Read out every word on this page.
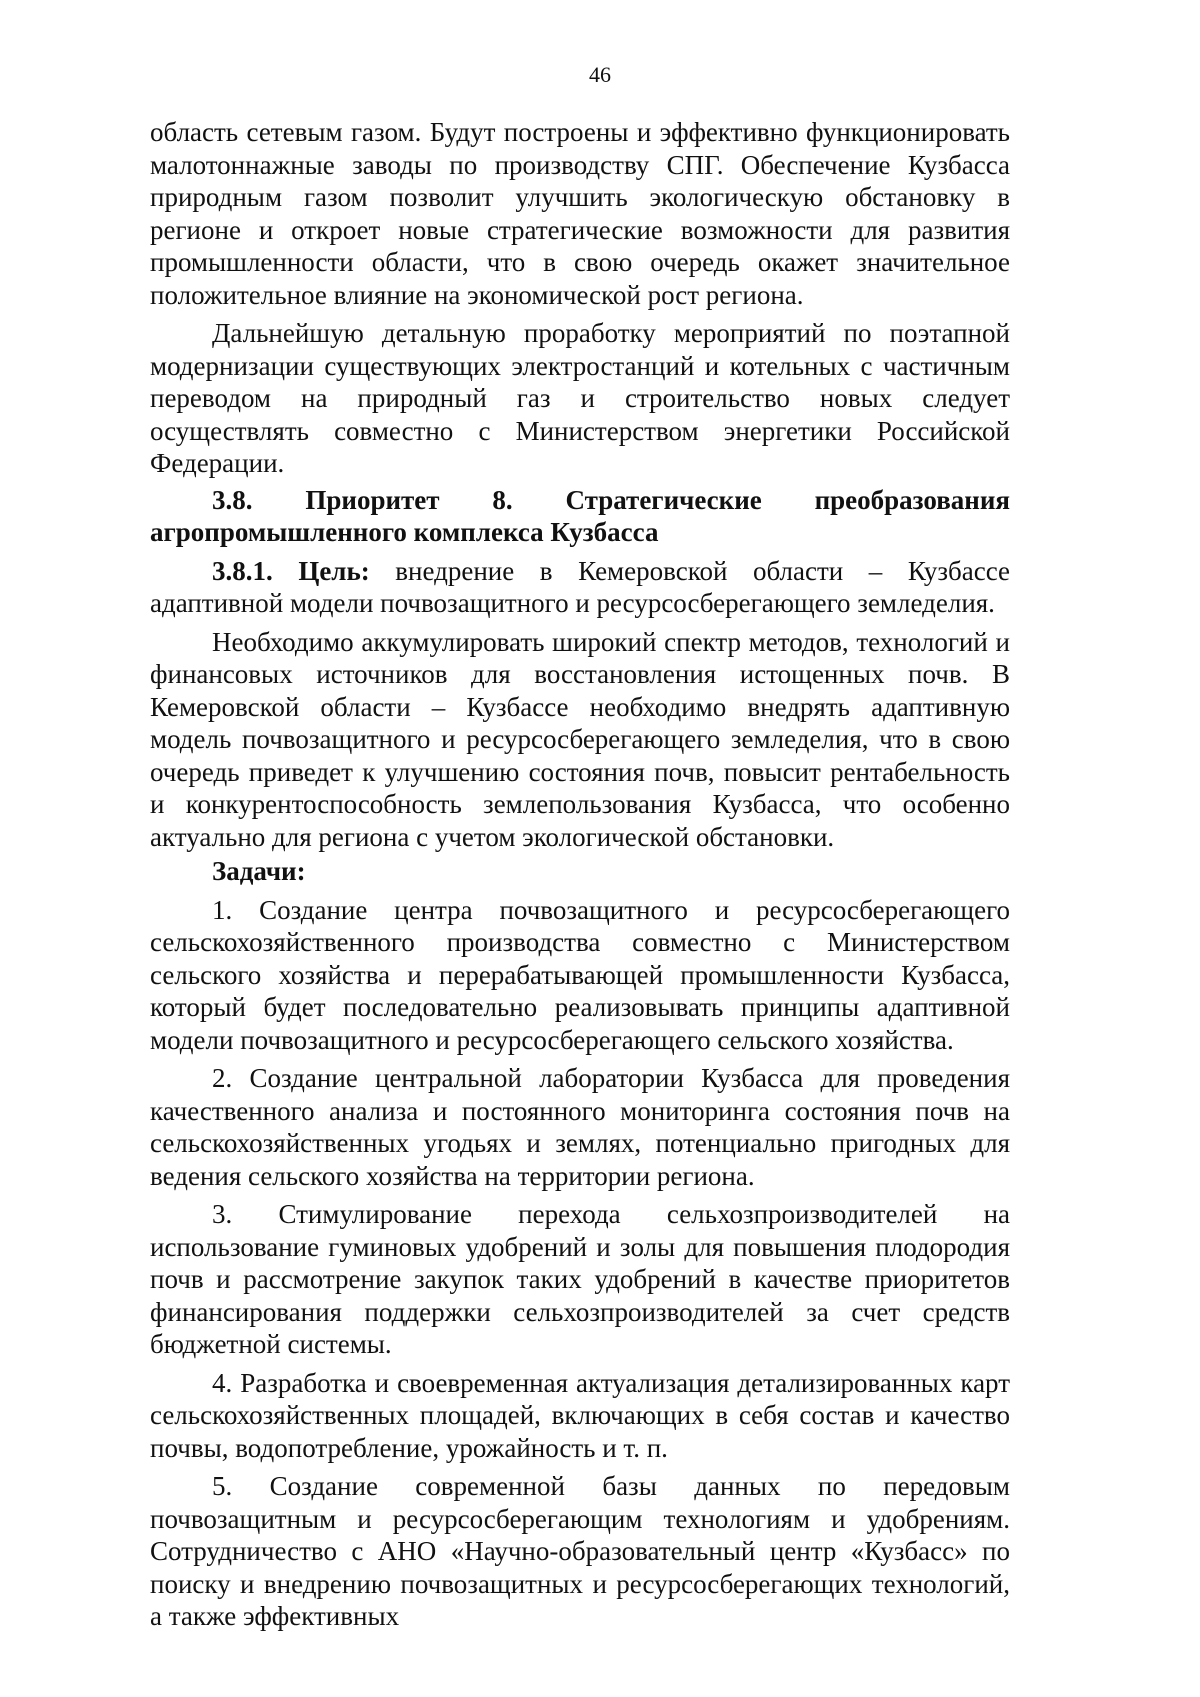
46

область сетевым газом. Будут построены и эффективно функционировать малотоннажные заводы по производству СПГ. Обеспечение Кузбасса природным газом позволит улучшить экологическую обстановку в регионе и откроет новые стратегические возможности для развития промышленности области, что в свою очередь окажет значительное положительное влияние на экономической рост региона.

Дальнейшую детальную проработку мероприятий по поэтапной модернизации существующих электростанций и котельных с частичным переводом на природный газ и строительство новых следует осуществлять совместно с Министерством энергетики Российской Федерации.

3.8. Приоритет 8. Стратегические преобразования агропромышленного комплекса Кузбасса

3.8.1. Цель: внедрение в Кемеровской области – Кузбассе адаптивной модели почвозащитного и ресурсосберегающего земледелия.

Необходимо аккумулировать широкий спектр методов, технологий и финансовых источников для восстановления истощенных почв. В Кемеровской области – Кузбассе необходимо внедрять адаптивную модель почвозащитного и ресурсосберегающего земледелия, что в свою очередь приведет к улучшению состояния почв, повысит рентабельность и конкурентоспособность землепользования Кузбасса, что особенно актуально для региона с учетом экологической обстановки.

Задачи:

1. Создание центра почвозащитного и ресурсосберегающего сельскохозяйственного производства совместно с Министерством сельского хозяйства и перерабатывающей промышленности Кузбасса, который будет последовательно реализовывать принципы адаптивной модели почвозащитного и ресурсосберегающего сельского хозяйства.

2. Создание центральной лаборатории Кузбасса для проведения качественного анализа и постоянного мониторинга состояния почв на сельскохозяйственных угодьях и землях, потенциально пригодных для ведения сельского хозяйства на территории региона.

3. Стимулирование перехода сельхозпроизводителей на использование гуминовых удобрений и золы для повышения плодородия почв и рассмотрение закупок таких удобрений в качестве приоритетов финансирования поддержки сельхозпроизводителей за счет средств бюджетной системы.

4. Разработка и своевременная актуализация детализированных карт сельскохозяйственных площадей, включающих в себя состав и качество почвы, водопотребление, урожайность и т. п.

5. Создание современной базы данных по передовым почвозащитным и ресурсосберегающим технологиям и удобрениям. Сотрудничество с АНО «Научно-образовательный центр «Кузбасс» по поиску и внедрению почвозащитных и ресурсосберегающих технологий, а также эффективных
